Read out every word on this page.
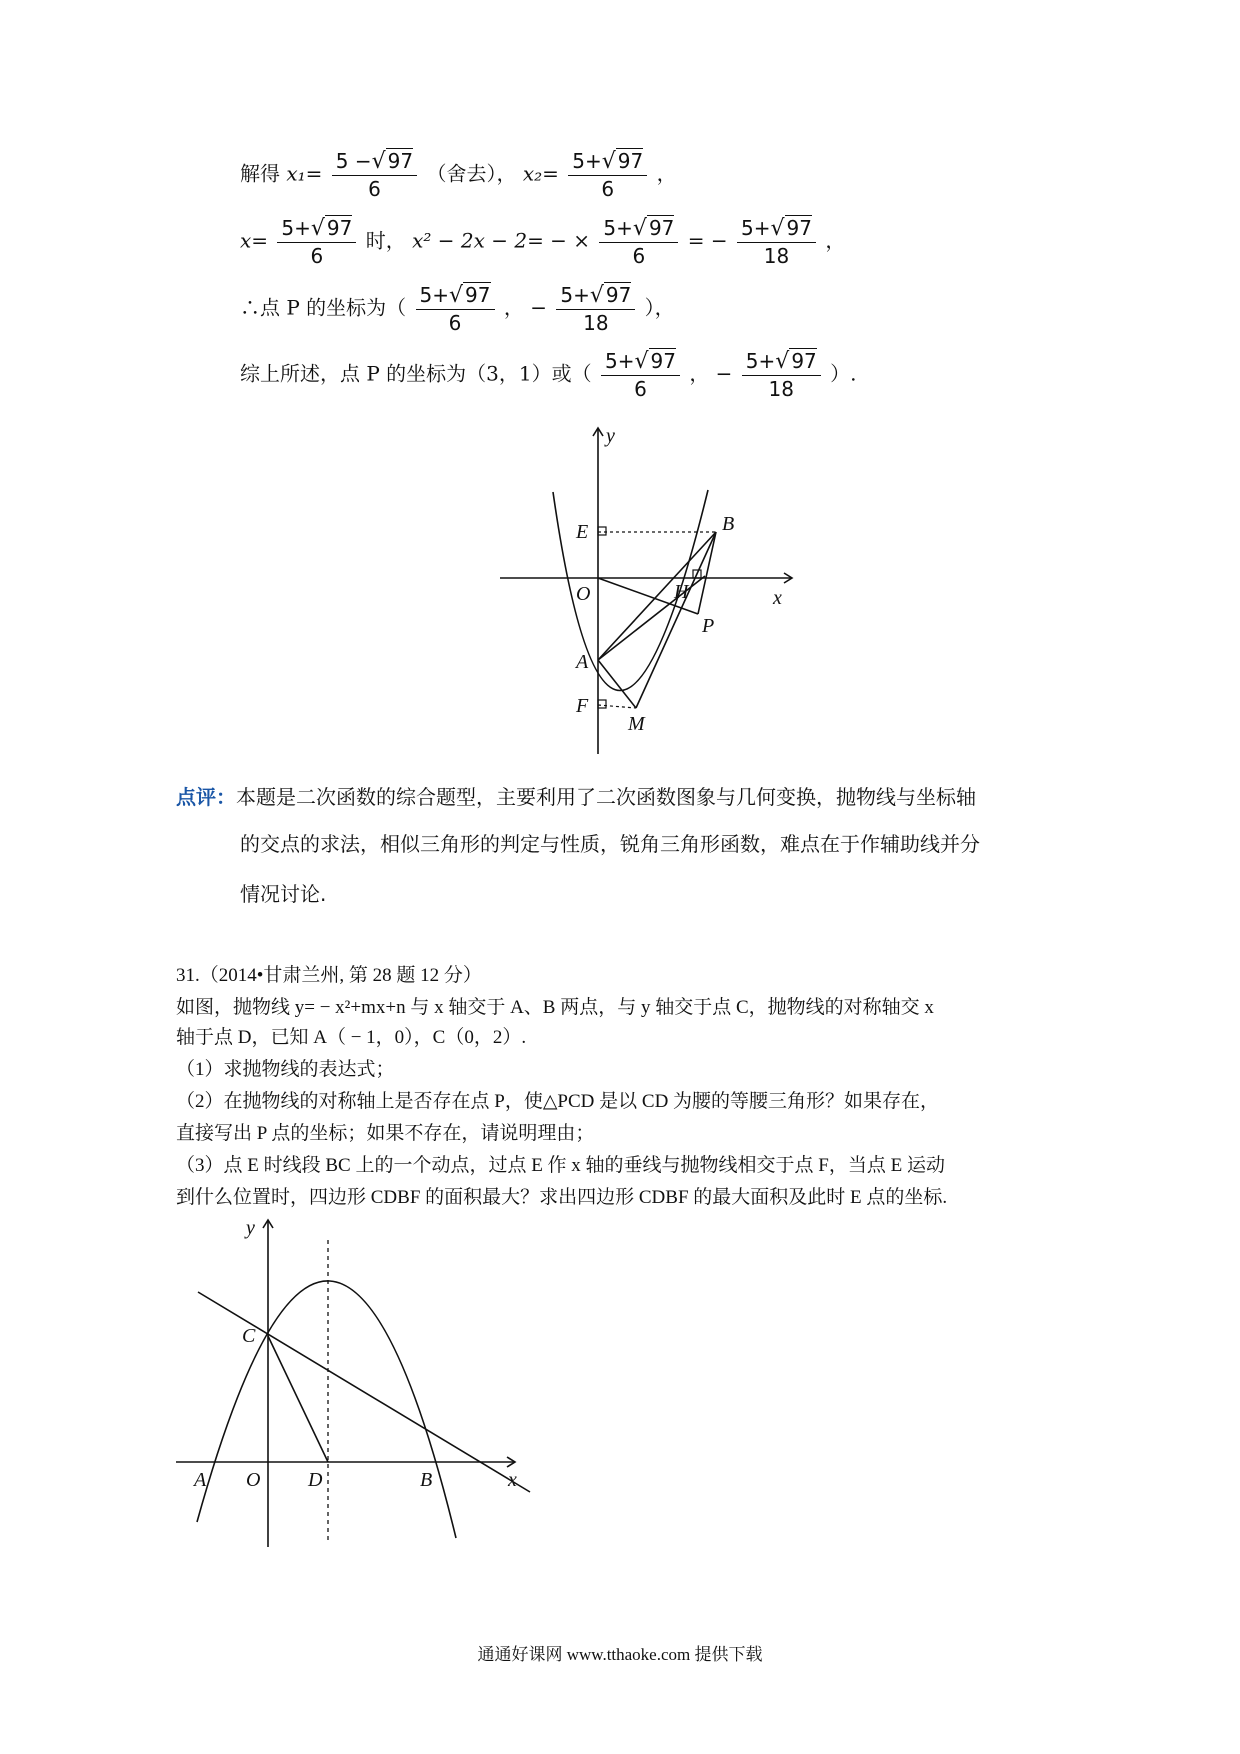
解得 $x_1= \frac{5 -√ 97}{6}$ （舍去）， $x_2= \frac{5+√ 97}{6}$ ，
$x= \frac{5+√ 97}{6}$ 时， x² − 2x − 2= − × $\frac{5+√ 97}{6}$ = − $\frac{5+√ 97}{18}$ ，
∴点 P 的坐标为（ $\frac{5+√ 97}{6}$ ， − $\frac{5+√ 97}{18}$ ），
综上所述，点 P 的坐标为（3，1）或（ $\frac{5+√ 97}{6}$ ， − $\frac{5+√ 97}{18}$ ）.
y
x
E	B
O	H
P
A
F
M
点评：本题是二次函数的综合题型，主要利用了二次函数图象与几何变换，抛物线与坐标轴
的交点的求法，相似三角形的判定与性质，锐角三角形函数，难点在于作辅助线并分
情况讨论.
31.（2014•甘肃兰州, 第 28 题 12 分）
如图，抛物线 y= − x²+mx+n 与 x 轴交于 A、B 两点，与 y 轴交于点 C，抛物线的对称轴交 x
轴于点 D，已知 A（ − 1，0），C（0，2）.
（1）求抛物线的表达式；
（2）在抛物线的对称轴上是否存在点 P，使△PCD 是以 CD 为腰的等腰三角形？如果存在，
直接写出 P 点的坐标；如果不存在，请说明理由；
（3）点 E 时线段 BC 上的一个动点，过点 E 作 x 轴的垂线与抛物线相交于点 F，当点 E 运动
到什么位置时，四边形 CDBF 的面积最大？求出四边形 CDBF 的最大面积及此时 E 点的坐标.
y
x
C
A O D	B
通通好课网 www.tthaoke.com 提供下载
